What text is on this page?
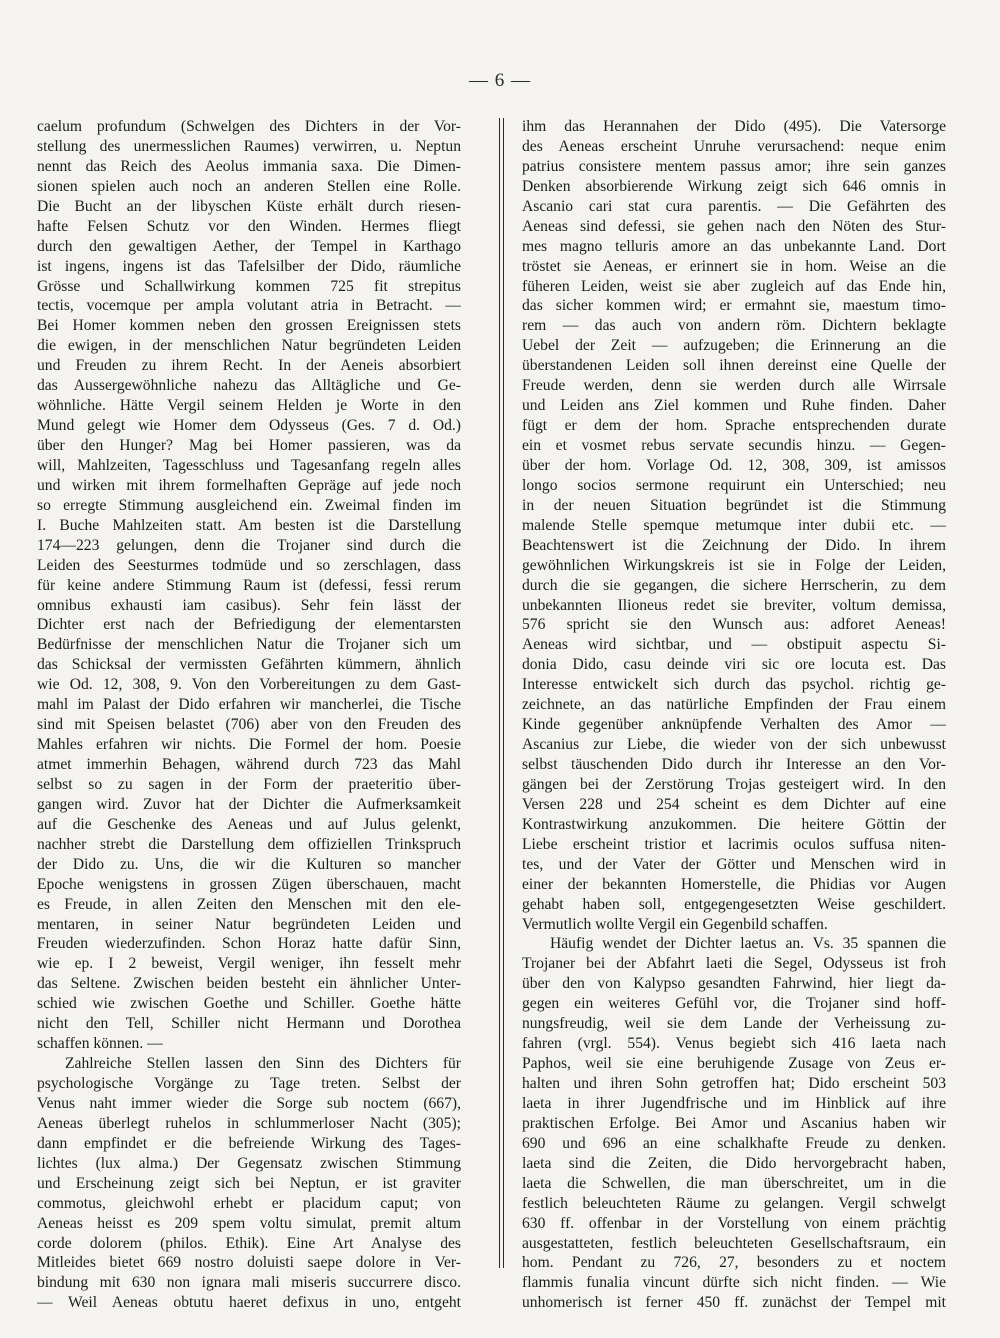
— 6 —
caelum profundum (Schwelgen des Dichters in der Vor-
stellung des unermesslichen Raumes) verwirren, u. Neptun
nennt das Reich des Aeolus immania saxa. Die Dimen-
sionen spielen auch noch an anderen Stellen eine Rolle.
Die Bucht an der libyschen Küste erhält durch riesen-
hafte Felsen Schutz vor den Winden. Hermes fliegt
durch den gewaltigen Aether, der Tempel in Karthago
ist ingens, ingens ist das Tafelsilber der Dido, räumliche
Grösse und Schallwirkung kommen 725 fit strepitus
tectis, vocemque per ampla volutant atria in Betracht. —
Bei Homer kommen neben den grossen Ereignissen stets
die ewigen, in der menschlichen Natur begründeten Leiden
und Freuden zu ihrem Recht. In der Aeneis absorbiert
das Aussergewöhnliche nahezu das Alltägliche und Ge-
wöhnliche. Hätte Vergil seinem Helden je Worte in den
Mund gelegt wie Homer dem Odysseus (Ges. 7 d. Od.)
über den Hunger? Mag bei Homer passieren, was da
will, Mahlzeiten, Tagesschluss und Tagesanfang regeln alles
und wirken mit ihrem formelhaften Gepräge auf jede noch
so erregte Stimmung ausgleichend ein. Zweimal finden im
I. Buche Mahlzeiten statt. Am besten ist die Darstellung
174—223 gelungen, denn die Trojaner sind durch die
Leiden des Seesturmes todmüde und so zerschlagen, dass
für keine andere Stimmung Raum ist (defessi, fessi rerum
omnibus exhausti iam casibus). Sehr fein lässt der
Dichter erst nach der Befriedigung der elementarsten
Bedürfnisse der menschlichen Natur die Trojaner sich um
das Schicksal der vermissten Gefährten kümmern, ähnlich
wie Od. 12, 308, 9. Von den Vorbereitungen zu dem Gast-
mahl im Palast der Dido erfahren wir mancherlei, die Tische
sind mit Speisen belastet (706) aber von den Freuden des
Mahles erfahren wir nichts. Die Formel der hom. Poesie
atmet immerhin Behagen, während durch 723 das Mahl
selbst so zu sagen in der Form der praeteritio über-
gangen wird. Zuvor hat der Dichter die Aufmerksamkeit
auf die Geschenke des Aeneas und auf Julus gelenkt,
nachher strebt die Darstellung dem offiziellen Trinkspruch
der Dido zu. Uns, die wir die Kulturen so mancher
Epoche wenigstens in grossen Zügen überschauen, macht
es Freude, in allen Zeiten den Menschen mit den ele-
mentaren, in seiner Natur begründeten Leiden und
Freuden wiederzufinden. Schon Horaz hatte dafür Sinn,
wie ep. I 2 beweist, Vergil weniger, ihn fesselt mehr
das Seltene. Zwischen beiden besteht ein ähnlicher Unter-
schied wie zwischen Goethe und Schiller. Goethe hätte
nicht den Tell, Schiller nicht Hermann und Dorothea
schaffen können. —
Zahlreiche Stellen lassen den Sinn des Dichters für
psychologische Vorgänge zu Tage treten. Selbst der
Venus naht immer wieder die Sorge sub noctem (667),
Aeneas überlegt ruhelos in schlummerloser Nacht (305);
dann empfindet er die befreiende Wirkung des Tages-
lichtes (lux alma.) Der Gegensatz zwischen Stimmung
und Erscheinung zeigt sich bei Neptun, er ist graviter
commotus, gleichwohl erhebt er placidum caput; von
Aeneas heisst es 209 spem voltu simulat, premit altum
corde dolorem (philos. Ethik). Eine Art Analyse des
Mitleides bietet 669 nostro doluisti saepe dolore in Ver-
bindung mit 630 non ignara mali miseris succurrere disco.
— Weil Aeneas obtutu haeret defixus in uno, entgeht
ihm das Herannahen der Dido (495). Die Vatersorge
des Aeneas erscheint Unruhe verursachend: neque enim
patrius consistere mentem passus amor; ihre sein ganzes
Denken absorbierende Wirkung zeigt sich 646 omnis in
Ascanio cari stat cura parentis. — Die Gefährten des
Aeneas sind defessi, sie gehen nach den Nöten des Stur-
mes magno telluris amore an das unbekannte Land. Dort
tröstet sie Aeneas, er erinnert sie in hom. Weise an die
füheren Leiden, weist sie aber zugleich auf das Ende hin,
das sicher kommen wird; er ermahnt sie, maestum timo-
rem — das auch von andern röm. Dichtern beklagte
Uebel der Zeit — aufzugeben; die Erinnerung an die
überstandenen Leiden soll ihnen dereinst eine Quelle der
Freude werden, denn sie werden durch alle Wirrsale
und Leiden ans Ziel kommen und Ruhe finden. Daher
fügt er dem der hom. Sprache entsprechenden durate
ein et vosmet rebus servate secundis hinzu. — Gegen-
über der hom. Vorlage Od. 12, 308, 309, ist amissos
longo socios sermone requirunt ein Unterschied; neu
in der neuen Situation begründet ist die Stimmung
malende Stelle spemque metumque inter dubii etc. —
Beachtenswert ist die Zeichnung der Dido. In ihrem
gewöhnlichen Wirkungskreis ist sie in Folge der Leiden,
durch die sie gegangen, die sichere Herrscherin, zu dem
unbekannten Ilioneus redet sie breviter, voltum demissa,
576 spricht sie den Wunsch aus: adforet Aeneas!
Aeneas wird sichtbar, und — obstipuit aspectu Si-
donia Dido, casu deinde viri sic ore locuta est. Das
Interesse entwickelt sich durch das psychol. richtig ge-
zeichnete, an das natürliche Empfinden der Frau einem
Kinde gegenüber anknüpfende Verhalten des Amor —
Ascanius zur Liebe, die wieder von der sich unbewusst
selbst täuschenden Dido durch ihr Interesse an den Vor-
gängen bei der Zerstörung Trojas gesteigert wird. In den
Versen 228 und 254 scheint es dem Dichter auf eine
Kontrastwirkung anzukommen. Die heitere Göttin der
Liebe erscheint tristior et lacrimis oculos suffusa niten-
tes, und der Vater der Götter und Menschen wird in
einer der bekannten Homerstelle, die Phidias vor Augen
gehabt haben soll, entgegengesetzten Weise geschildert.
Vermutlich wollte Vergil ein Gegenbild schaffen.
Häufig wendet der Dichter laetus an. Vs. 35 spannen die
Trojaner bei der Abfahrt laeti die Segel, Odysseus ist froh
über den von Kalypso gesandten Fahrwind, hier liegt da-
gegen ein weiteres Gefühl vor, die Trojaner sind hoff-
nungsfreudig, weil sie dem Lande der Verheissung zu-
fahren (vrgl. 554). Venus begiebt sich 416 laeta nach
Paphos, weil sie eine beruhigende Zusage von Zeus er-
halten und ihren Sohn getroffen hat; Dido erscheint 503
laeta in ihrer Jugendfrische und im Hinblick auf ihre
praktischen Erfolge. Bei Amor und Ascanius haben wir
690 und 696 an eine schalkhafte Freude zu denken.
laeta sind die Zeiten, die Dido hervorgebracht haben,
laeta die Schwellen, die man überschreitet, um in die
festlich beleuchteten Räume zu gelangen. Vergil schwelgt
630 ff. offenbar in der Vorstellung von einem prächtig
ausgestatteten, festlich beleuchteten Gesellschaftsraum, ein
hom. Pendant zu 726, 27, besonders zu et noctem
flammis funalia vincunt dürfte sich nicht finden. — Wie
unhomerisch ist ferner 450 ff. zunächst der Tempel mit
